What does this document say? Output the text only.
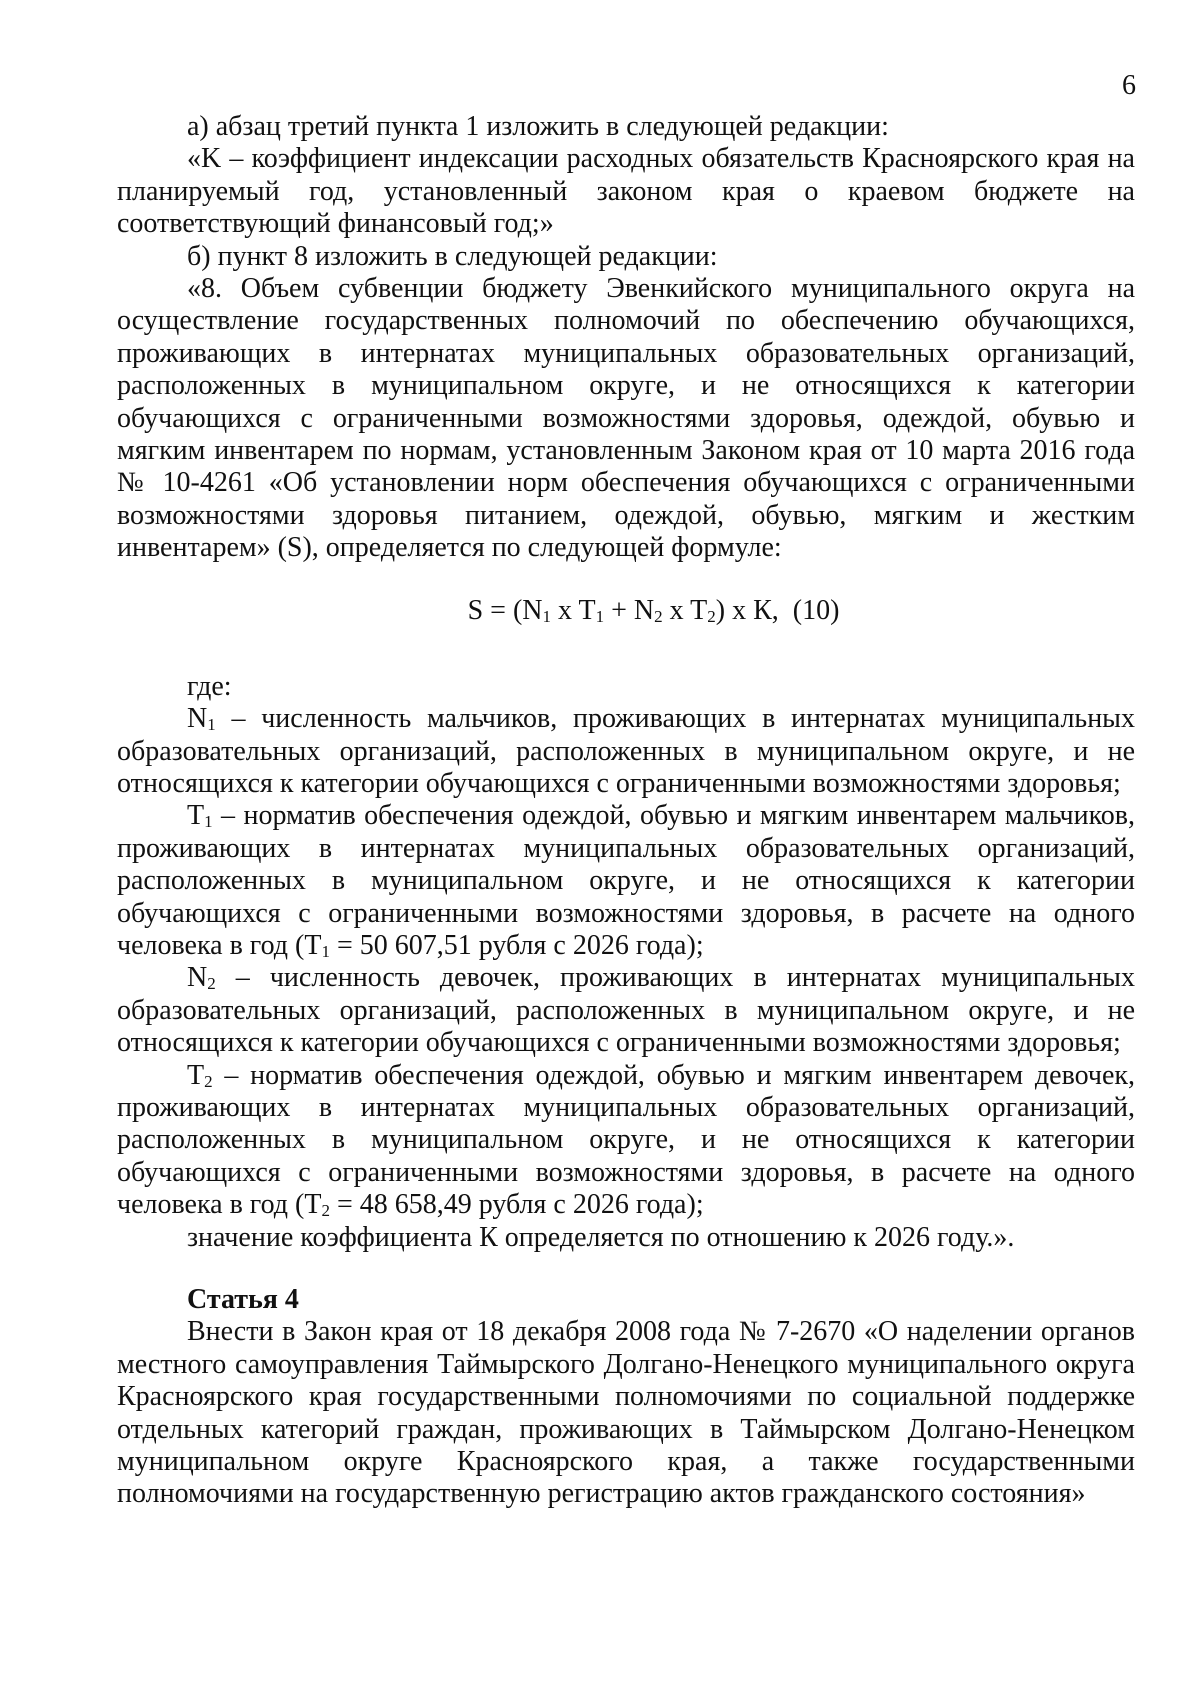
6

а) абзац третий пункта 1 изложить в следующей редакции:

«K – коэффициент индексации расходных обязательств Красноярского края на планируемый год, установленный законом края о краевом бюджете на соответствующий финансовый год;»

б) пункт 8 изложить в следующей редакции:

«8. Объем субвенции бюджету Эвенкийского муниципального округа на осуществление государственных полномочий по обеспечению обучающихся, проживающих в интернатах муниципальных образовательных организаций, расположенных в муниципальном округе, и не относящихся к категории обучающихся с ограниченными возможностями здоровья, одеждой, обувью и мягким инвентарем по нормам, установленным Законом края от 10 марта 2016 года № 10-4261 «Об установлении норм обеспечения обучающихся с ограниченными возможностями здоровья питанием, одеждой, обувью, мягким и жестким инвентарем» (S), определяется по следующей формуле:

$S = (N_1$ x $T_1 + N_2$ x $T_2$) x К, (10)

где:

$N_1$ – численность мальчиков, проживающих в интернатах муниципальных образовательных организаций, расположенных в муниципальном округе, и не относящихся к категории обучающихся с ограниченными возможностями здоровья;

$T_1$ – норматив обеспечения одеждой, обувью и мягким инвентарем мальчиков, проживающих в интернатах муниципальных образовательных организаций, расположенных в муниципальном округе, и не относящихся к категории обучающихся с ограниченными возможностями здоровья, в расчете на одного человека в год ($T_1 = 50$ 607,51 рубля с 2026 года);

$N_2$ – численность девочек, проживающих в интернатах муниципальных образовательных организаций, расположенных в муниципальном округе, и не относящихся к категории обучающихся с ограниченными возможностями здоровья;

$T_2$ – норматив обеспечения одеждой, обувью и мягким инвентарем девочек, проживающих в интернатах муниципальных образовательных организаций, расположенных в муниципальном округе, и не относящихся к категории обучающихся с ограниченными возможностями здоровья, в расчете на одного человека в год ($T_2 = 48$ 658,49 рубля с 2026 года);

значение коэффициента К определяется по отношению к 2026 году.».

Статья 4

Внести в Закон края от 18 декабря 2008 года № 7-2670 «О наделении органов местного самоуправления Таймырского Долгано-Ненецкого муниципального округа Красноярского края государственными полномочиями по социальной поддержке отдельных категорий граждан, проживающих в Таймырском Долгано-Ненецком муниципальном округе Красноярского края, а также государственными полномочиями на государственную регистрацию актов гражданского состояния»
